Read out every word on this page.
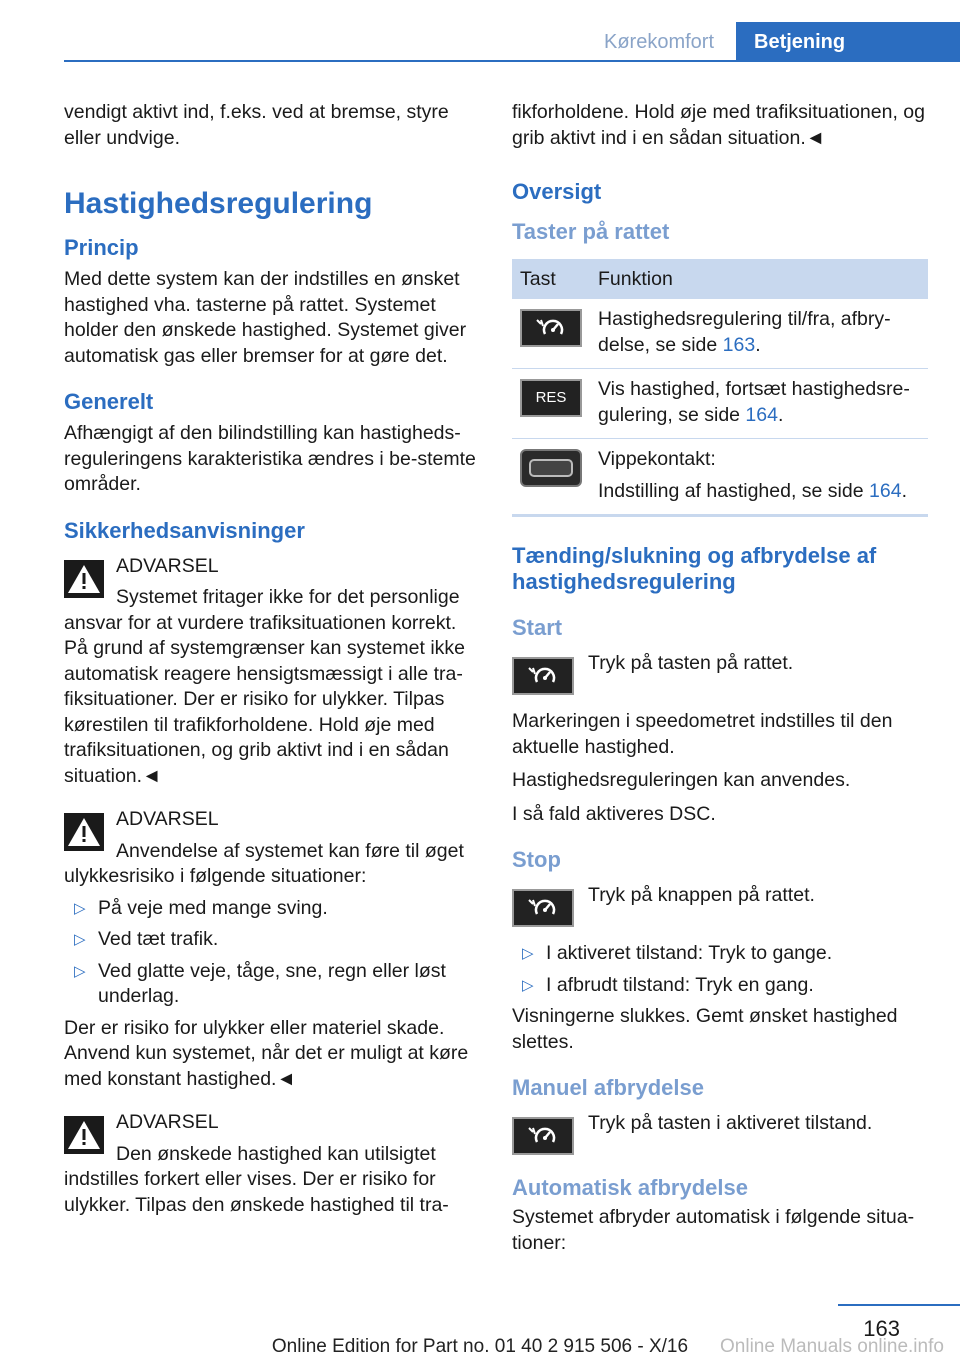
Kørekomfort	Betjening

vendigt aktivt ind, f.eks. ved at bremse, styre eller undvige.

Hastighedsregulering
Princip

Med dette system kan der indstilles en ønsket hastighed vha. tasterne på rattet. Systemet holder den ønskede hastighed. Systemet giver automatisk gas eller bremser for at gøre det.

Generelt

Afhængigt af den bilindstilling kan hastigheds-reguleringens karakteristika ændres i be-stemte områder.

Sikkerhedsanvisninger
ADVARSEL
Systemet fritager ikke for det personlige ansvar for at vurdere trafiksituationen korrekt. På grund af systemgrænser kan systemet ikke automatisk reagere hensigtsmæssigt i alle tra-fiksituationer. Der er risiko for ulykker. Tilpas kørestilen til trafikforholdene. Hold øje med trafiksituationen, og grib aktivt ind i en sådan situation.◄
ADVARSEL
Anvendelse af systemet kan føre til øget ulykkesrisiko i følgende situationer:
▷ På veje med mange sving.
▷ Ved tæt trafik.
▷ Ved glatte veje, tåge, sne, regn eller løst underlag.

Der er risiko for ulykker eller materiel skade. Anvend kun systemet, når det er muligt at køre med konstant hastighed.◄

ADVARSEL
Den ønskede hastighed kan utilsigtet indstilles forkert eller vises. Der er risiko for ulykker. Tilpas den ønskede hastighed til tra-

fikforholdene. Hold øje med trafiksituationen, og grib aktivt ind i en sådan situation.◄

Oversigt
Taster på rattet
Tast	Funktion

	Hastighedsregulering til/fra, afbry-delse, se side 163.

RES	Vis hastighed, fortsæt hastighedsre-gulering, se side 164.

	Vippekontakt:
Indstilling af hastighed, se side 164.
Tænding/slukning og afbrydelse af hastighedsregulering
Start

Tryk på tasten på rattet.

Markeringen i speedometret indstilles til den aktuelle hastighed.

Hastighedsreguleringen kan anvendes.

I så fald aktiveres DSC.

Stop

Tryk på knappen på rattet.

▷ I aktiveret tilstand: Tryk to gange.
▷ I afbrudt tilstand: Tryk en gang.

Visningerne slukkes. Gemt ønsket hastighed slettes.

Manuel afbrydelse

Tryk på tasten i aktiveret tilstand.

Automatisk afbrydelse

Systemet afbryder automatisk i følgende situa-tioner:

163
Online Edition for Part no. 01 40 2 915 506 - X/16	Online Manuals online.info
